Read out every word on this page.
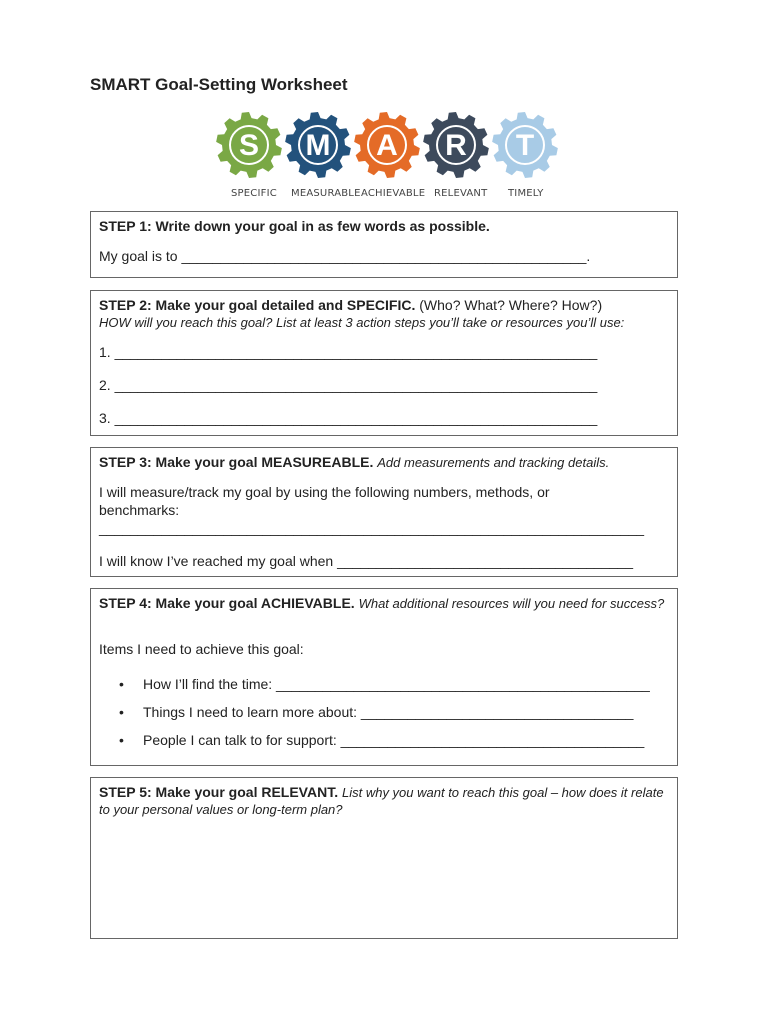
SMART Goal-Setting Worksheet
S M A R T
SPECIFIC MEASURABLE ACHIEVABLE RELEVANT TIMELY
STEP 1: Write down your goal in as few words as possible.
My goal is to ____________________________________________________.
STEP 2: Make your goal detailed and SPECIFIC. (Who? What? Where? How?)
HOW will you reach this goal? List at least 3 action steps you’ll take or resources you’ll use:
1. ______________________________________________________________
2. ______________________________________________________________
3. ______________________________________________________________
STEP 3: Make your goal MEASUREABLE. Add measurements and tracking details.
I will measure/track my goal by using the following numbers, methods, or
benchmarks:
______________________________________________________________________
I will know I’ve reached my goal when ______________________________________
STEP 4: Make your goal ACHIEVABLE. What additional resources will you need for success?
Items I need to achieve this goal:
• How I’ll find the time: ________________________________________________
• Things I need to learn more about: ___________________________________
• People I can talk to for support: _______________________________________
STEP 5: Make your goal RELEVANT. List why you want to reach this goal – how does it relate to your personal values or long-term plan?
